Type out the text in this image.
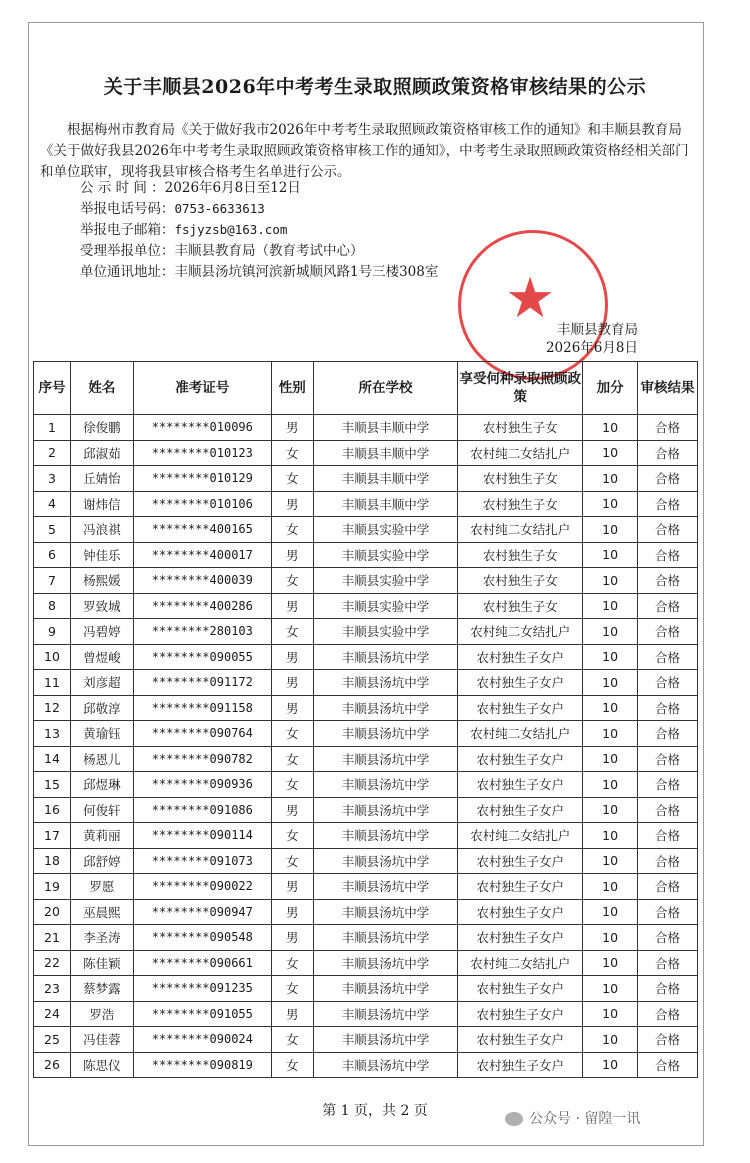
关于丰顺县2026年中考考生录取照顾政策资格审核结果的公示
根据梅州市教育局《关于做好我市2026年中考考生录取照顾政策资格审核工作的通知》和丰顺县教育局《关于做好我县2026年中考考生录取照顾政策资格审核工作的通知》，中考考生录取照顾政策资格经相关部门和单位联审，现将我县审核合格考生名单进行公示。
公 示 时 间 ：2026年6月8日至12日
举报电话号码：0753-6633613
举报电子邮箱：fsjyzsb@163.com
受理举报单位：丰顺县教育局（教育考试中心）
单位通讯地址：丰顺县汤坑镇河滨新城顺风路1号三楼308室 ★ 丰顺县教育局
2026年6月8日
序号	姓名	准考证号	性别	所在学校	享受何种录取照顾政策	加分	审核结果
1	徐俊鹏	********010096	男	丰顺县丰顺中学	农村独生子女	10	合格
2	邱淑茹	********010123	女	丰顺县丰顺中学	农村纯二女结扎户	10	合格
3	丘婧怡	********010129	女	丰顺县丰顺中学	农村独生子女	10	合格
4	谢炜信	********010106	男	丰顺县丰顺中学	农村独生子女	10	合格
5	冯浪祺	********400165	女	丰顺县实验中学	农村纯二女结扎户	10	合格
6	钟佳乐	********400017	男	丰顺县实验中学	农村独生子女	10	合格
7	杨熙媛	********400039	女	丰顺县实验中学	农村独生子女	10	合格
8	罗致城	********400286	男	丰顺县实验中学	农村独生子女	10	合格
9	冯碧婷	********280103	女	丰顺县实验中学	农村纯二女结扎户	10	合格
10	曾煜峻	********090055	男	丰顺县汤坑中学	农村独生子女户	10	合格
11	刘彦超	********091172	男	丰顺县汤坑中学	农村独生子女户	10	合格
12	邱敬淳	********091158	男	丰顺县汤坑中学	农村独生子女户	10	合格
13	黄瑜钰	********090764	女	丰顺县汤坑中学	农村纯二女结扎户	10	合格
14	杨恩儿	********090782	女	丰顺县汤坑中学	农村独生子女户	10	合格
15	邱煜琳	********090936	女	丰顺县汤坑中学	农村独生子女户	10	合格
16	何俊轩	********091086	男	丰顺县汤坑中学	农村独生子女户	10	合格
17	黄莉丽	********090114	女	丰顺县汤坑中学	农村纯二女结扎户	10	合格
18	邱舒婷	********091073	女	丰顺县汤坑中学	农村独生子女户	10	合格
19	罗愿	********090022	男	丰顺县汤坑中学	农村独生子女户	10	合格
20	巫晨熙	********090947	男	丰顺县汤坑中学	农村独生子女户	10	合格
21	李圣涛	********090548	男	丰顺县汤坑中学	农村独生子女户	10	合格
22	陈佳颖	********090661	女	丰顺县汤坑中学	农村纯二女结扎户	10	合格
23	蔡梦露	********091235	女	丰顺县汤坑中学	农村独生子女户	10	合格
24	罗浩	********091055	男	丰顺县汤坑中学	农村独生子女户	10	合格
25	冯佳蓉	********090024	女	丰顺县汤坑中学	农村独生子女户	10	合格
26	陈思仪	********090819	女	丰顺县汤坑中学	农村独生子女户	10	合格
第 1 页，共 2 页	公众号 · 留隍一讯
